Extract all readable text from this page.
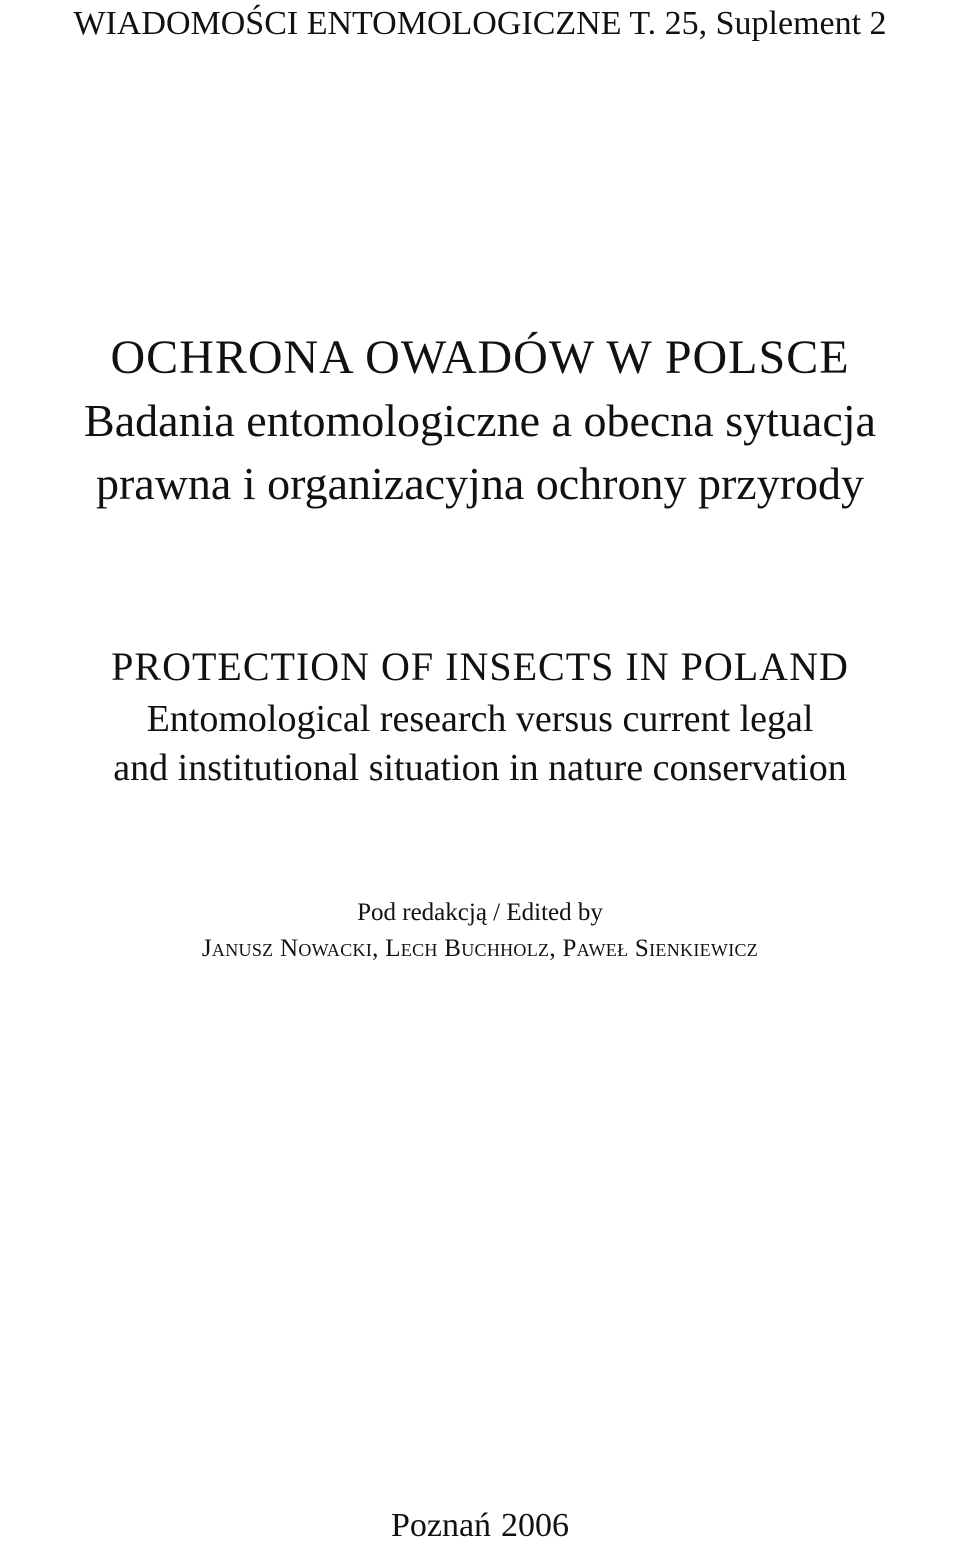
WIADOMOŚCI ENTOMOLOGICZNE T. 25, Suplement 2
OCHRONA OWADÓW W POLSCE
Badania entomologiczne a obecna sytuacja
prawna i organizacyjna ochrony przyrody
PROTECTION OF INSECTS IN POLAND
Entomological research versus current legal
and institutional situation in nature conservation
Pod redakcją / Edited by
Janusz Nowacki, Lech Buchholz, Paweł Sienkiewicz
Poznań 2006
